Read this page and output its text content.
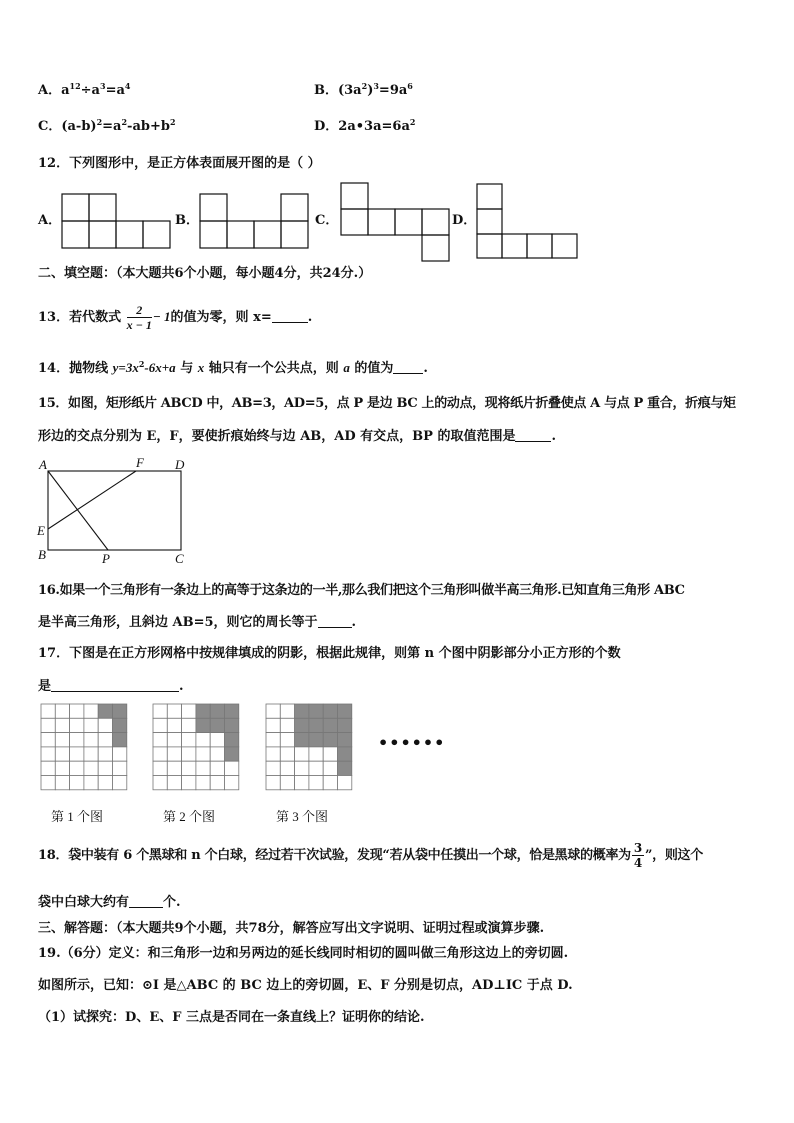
A．$a^{12}\div a^3=a^4$	B．$(3a^2)^3=9a^6$
C．$(a-b)^2=a^2-ab+b^2$	D．$2a•3a=6a^2$
12．下列图形中，是正方体表面展开图的是（ ）
A．	B．	C．	D．
二、填空题：（本大题共6个小题，每小题4分，共24分.）
13．若代数式 $\frac{2}{x - 1} - 1$的值为零，则 x=	.
14．抛物线 $y=3x^2-6x+a$ 与 x 轴只有一个公共点，则 a 的值为 .
15．如图，矩形纸片 ABCD 中，AB=3，AD=5，点 P 是边 BC 上的动点，现将纸片折叠使点 A 与点 P 重合，折痕与矩
形边的交点分别为 E，F，要使折痕始终与边 AB，AD 有交点，BP 的取值范围是	.
A	F D
E
B	P	C
16.如果一个三角形有一条边上的高等于这条边的一半,那么我们把这个三角形叫做半高三角形.已知直角三角形 ABC
是半高三角形，且斜边 AB=5，则它的周长等于	.
17．下图是在正方形网格中按规律填成的阴影，根据此规律，则第 n 个图中阴影部分小正方形的个数
是	.
••••••
第 1 个图	第 2 个图	第 3 个图
18．袋中装有 6 个黑球和 n 个白球，经过若干次试验，发现“若从袋中任摸出一个球，恰是黑球的概率为 $\frac{3}{4}$ ”，则这个
袋中白球大约有	个.
三、解答题：（本大题共9个小题，共78分，解答应写出文字说明、证明过程或演算步骤.
19.（6分）定义：和三角形一边和另两边的延长线同时相切的圆叫做三角形这边上的旁切圆.
如图所示，已知：⊙I 是△ABC 的 BC 边上的旁切圆，E、F 分别是切点，AD⊥IC 于点 D.
（1）试探究：D、E、F 三点是否同在一条直线上？证明你的结论.
